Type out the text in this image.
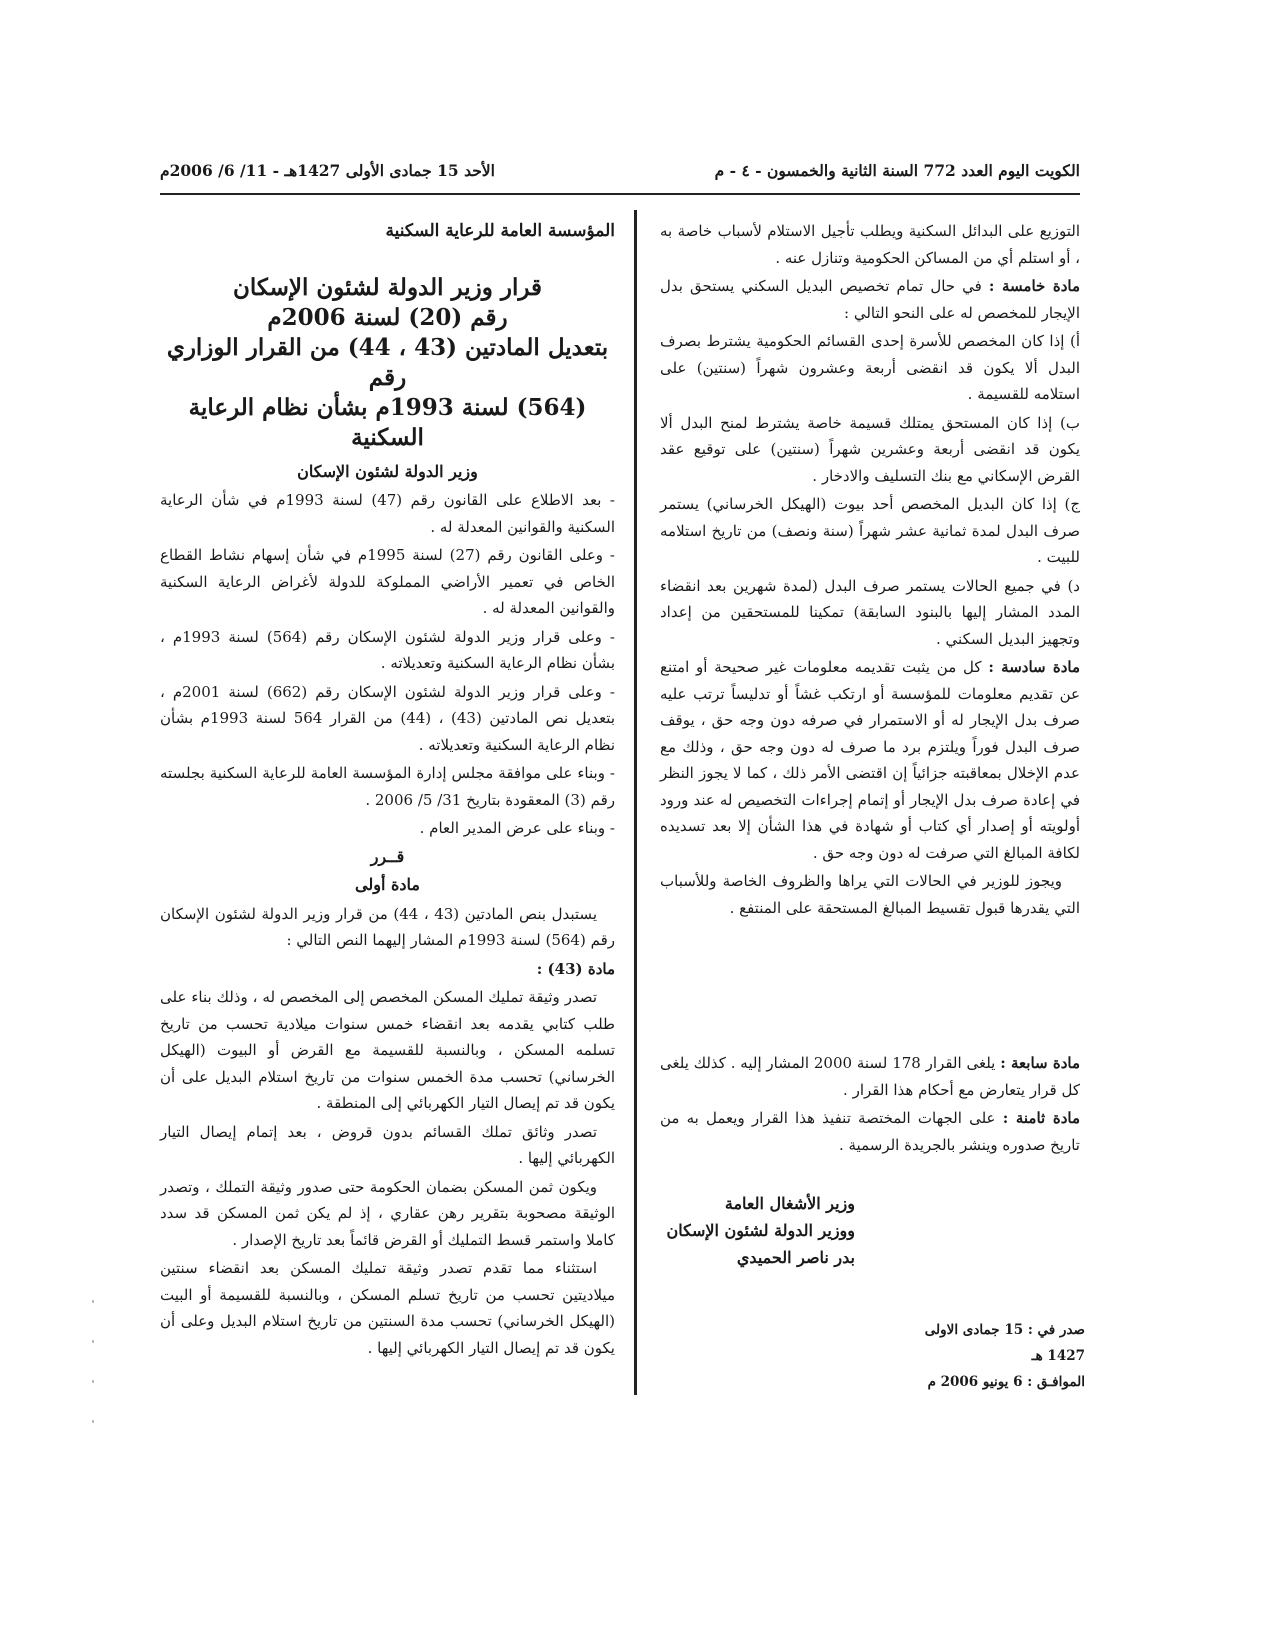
الكويت اليوم العدد 772 السنة الثانية والخمسون - ٤ - م
الأحد 15 جمادى الأولى 1427هـ - 11/ 6/ 2006م

التوزيع على البدائل السكنية ويطلب تأجيل الاستلام لأسباب خاصة به ، أو استلم أي من المساكن الحكومية وتنازل عنه .

مادة خامسة : في حال تمام تخصيص البديل السكني يستحق بدل الإيجار للمخصص له على النحو التالي :

أ) إذا كان المخصص للأسرة إحدى القسائم الحكومية يشترط بصرف البدل ألا يكون قد انقضى أربعة وعشرون شهراً (سنتين) على استلامه للقسيمة .

ب) إذا كان المستحق يمتلك قسيمة خاصة يشترط لمنح البدل ألا يكون قد انقضى أربعة وعشرين شهراً (سنتين) على توقيع عقد القرض الإسكاني مع بنك التسليف والادخار .

ج) إذا كان البديل المخصص أحد بيوت (الهيكل الخرساني) يستمر صرف البدل لمدة ثمانية عشر شهراً (سنة ونصف) من تاريخ استلامه للبيت .

د) في جميع الحالات يستمر صرف البدل (لمدة شهرين بعد انقضاء المدد المشار إليها بالبنود السابقة) تمكينا للمستحقين من إعداد وتجهيز البديل السكني .

مادة سادسة : كل من يثبت تقديمه معلومات غير صحيحة أو امتنع عن تقديم معلومات للمؤسسة أو ارتكب غشاً أو تدليساً ترتب عليه صرف بدل الإيجار له أو الاستمرار في صرفه دون وجه حق ، يوقف صرف البدل فوراً ويلتزم برد ما صرف له دون وجه حق ، وذلك مع عدم الإخلال بمعاقبته جزائياً إن اقتضى الأمر ذلك ، كما لا يجوز النظر في إعادة صرف بدل الإيجار أو إتمام إجراءات التخصيص له عند ورود أولويته أو إصدار أي كتاب أو شهادة في هذا الشأن إلا بعد تسديده لكافة المبالغ التي صرفت له دون وجه حق .

ويجوز للوزير في الحالات التي يراها والظروف الخاصة وللأسباب التي يقدرها قبول تقسيط المبالغ المستحقة على المنتفع .

مادة سابعة : يلغى القرار 178 لسنة 2000 المشار إليه . كذلك يلغى كل قرار يتعارض مع أحكام هذا القرار .

مادة ثامنة : على الجهات المختصة تنفيذ هذا القرار ويعمل به من تاريخ صدوره وينشر بالجريدة الرسمية .

وزير الأشغال العامة

ووزير الدولة لشئون الإسكان

بدر ناصر الحميدي

صدر في : 15 جمادى الاولى 1427 هـ

الموافـق : 6 يونيو 2006 م

المؤسسة العامة للرعاية السكنية

قرار وزير الدولة لشئون الإسكان

رقم (20) لسنة 2006م

بتعديل المادتين (43 ، 44) من القرار الوزاري رقم

(564) لسنة 1993م بشأن نظام الرعاية السكنية

وزير الدولة لشئون الإسكان

- بعد الاطلاع على القانون رقم (47) لسنة 1993م في شأن الرعاية السكنية والقوانين المعدلة له .

- وعلى القانون رقم (27) لسنة 1995م في شأن إسهام نشاط القطاع الخاص في تعمير الأراضي المملوكة للدولة لأغراض الرعاية السكنية والقوانين المعدلة له .

- وعلى قرار وزير الدولة لشئون الإسكان رقم (564) لسنة 1993م ، بشأن نظام الرعاية السكنية وتعديلاته .

- وعلى قرار وزير الدولة لشئون الإسكان رقم (662) لسنة 2001م ، بتعديل نص المادتين (43) ، (44) من القرار 564 لسنة 1993م بشأن نظام الرعاية السكنية وتعديلاته .

- وبناء على موافقة مجلس إدارة المؤسسة العامة للرعاية السكنية بجلسته رقم (3) المعقودة بتاريخ 31/ 5/ 2006 .

- وبناء على عرض المدير العام .

قــرر

مادة أولى

يستبدل بنص المادتين (43 ، 44) من قرار وزير الدولة لشئون الإسكان رقم (564) لسنة 1993م المشار إليهما النص التالي :

مادة (43) :

تصدر وثيقة تمليك المسكن المخصص إلى المخصص له ، وذلك بناء على طلب كتابي يقدمه بعد انقضاء خمس سنوات ميلادية تحسب من تاريخ تسلمه المسكن ، وبالنسبة للقسيمة مع القرض أو البيوت (الهيكل الخرساني) تحسب مدة الخمس سنوات من تاريخ استلام البديل على أن يكون قد تم إيصال التيار الكهربائي إلى المنطقة .

تصدر وثائق تملك القسائم بدون قروض ، بعد إتمام إيصال التيار الكهربائي إليها .

ويكون ثمن المسكن بضمان الحكومة حتى صدور وثيقة التملك ، وتصدر الوثيقة مصحوبة بتقرير رهن عقاري ، إذ لم يكن ثمن المسكن قد سدد كاملا واستمر قسط التمليك أو القرض قائماً بعد تاريخ الإصدار .

استثناء مما تقدم تصدر وثيقة تمليك المسكن بعد انقضاء سنتين ميلاديتين تحسب من تاريخ تسلم المسكن ، وبالنسبة للقسيمة أو البيت (الهيكل الخرساني) تحسب مدة السنتين من تاريخ استلام البديل وعلى أن يكون قد تم إيصال التيار الكهربائي إليها .
